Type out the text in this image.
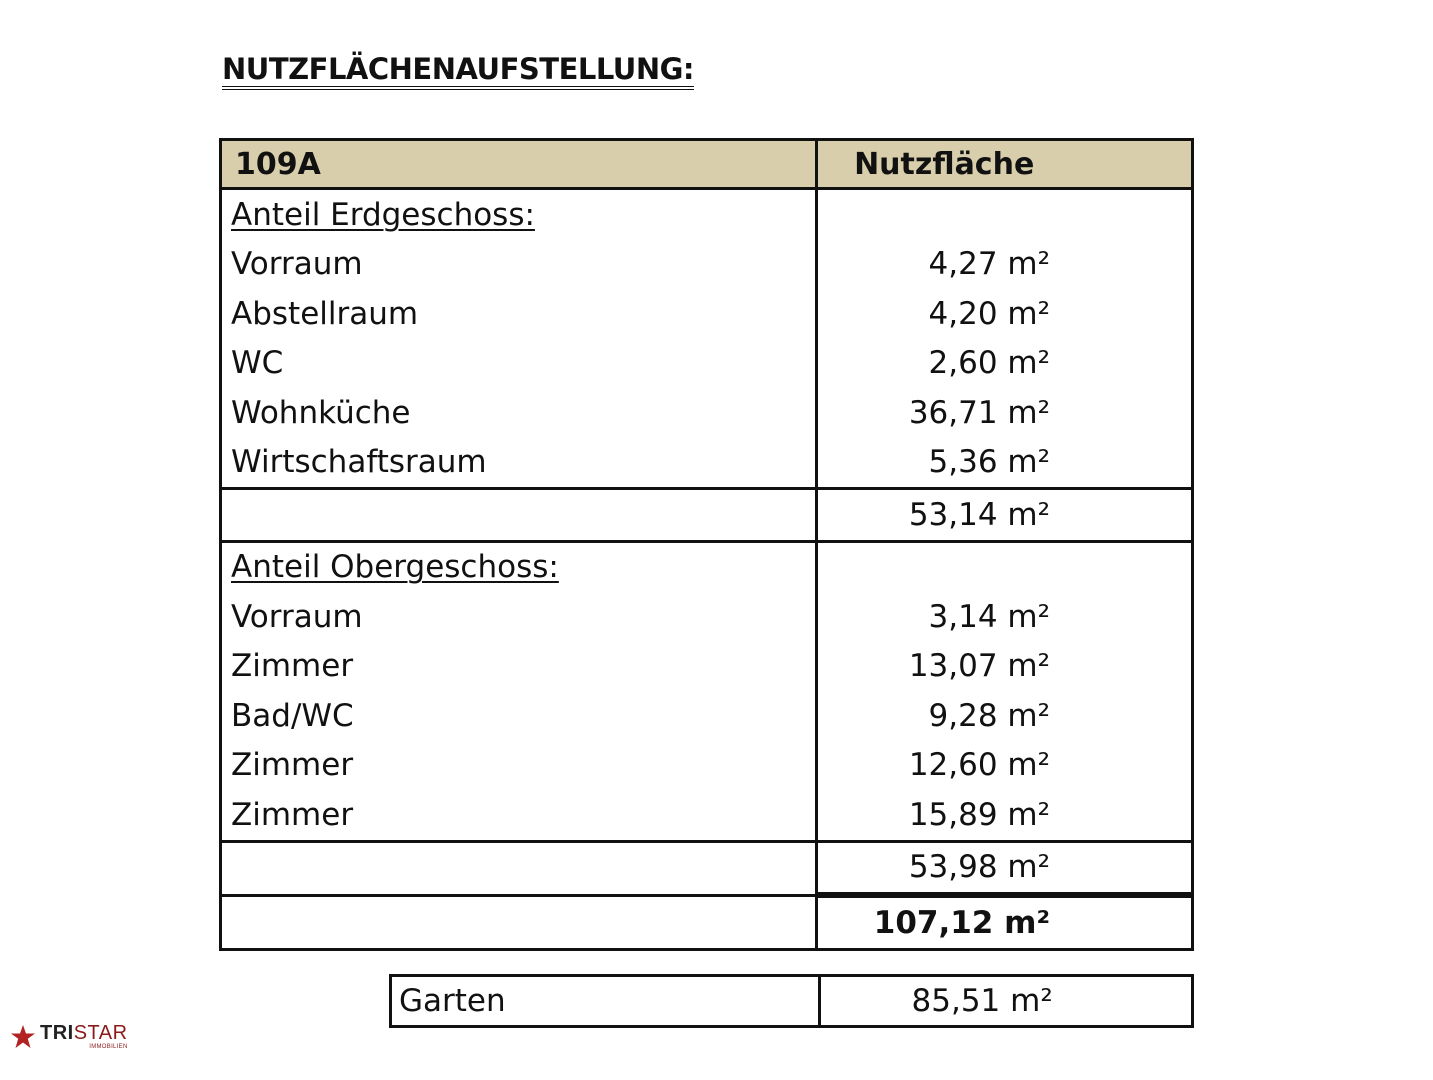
NUTZFLÄCHENAUFSTELLUNG:
109A	Nutzfläche
Anteil Erdgeschoss:	
Vorraum	4,27 m²

Abstellraum	4,20 m²

WC	2,60 m²

Wohnküche	36,71 m²

Wirtschaftsraum	5,36 m²

	53,14 m²

Anteil Obergeschoss:	
Vorraum	3,14 m²

Zimmer	13,07 m²

Bad/WC	9,28 m²

Zimmer	12,60 m²

Zimmer	15,89 m²

	53,98 m²

	107,12 m²
Garten	85,51 m²
TRISTAR
IMMOBILIEN
